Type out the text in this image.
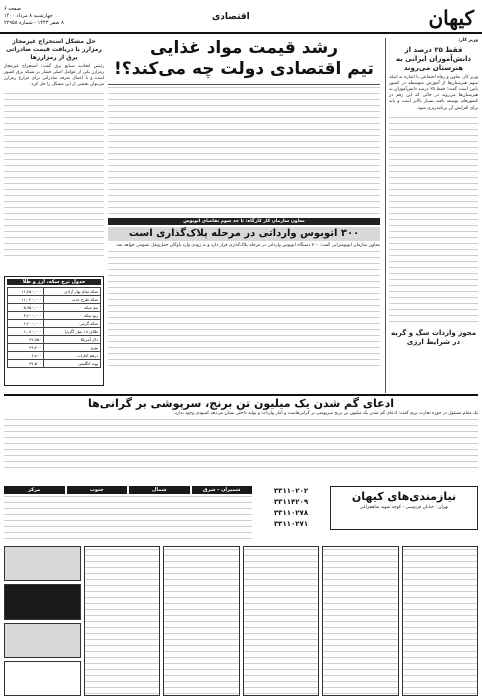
کیهان
اقتصادی
صفحه ۶
چهارشنبه ۸ مرداد ۱۴۰۰
۸ صفر ۱۴۴۳ - شماره ۲۲۹۵۸
رشد قیمت مواد غذایی
تیم اقتصادی دولت چه می‌کند؟!
وزیر کار:
فقط ۲۵ درصد از دانش‌آموزان ایرانی به هنرستان می‌روند
وزیر کار، تعاون و رفاه اجتماعی با اشاره به اینکه سهم هنرستان‌ها از آموزش متوسطه در کشور پایین است گفت: فقط ۲۵ درصد دانش‌آموزان به هنرستان‌ها می‌روند در حالی که این رقم در کشورهای توسعه یافته بسیار بالاتر است و باید برای افزایش آن برنامه‌ریزی شود.
مجوز واردات سگ و گربه در شرایط ارزی
حل مشکل استخراج غیرمجاز رمزارز با دریافت قیمت صادراتی برق از رمزارزها
رئیس اتحادیه صنایع برق گفت: استخراج غیرمجاز رمزارز یکی از عوامل اصلی فشار بر شبکه برق کشور است و با اعمال تعرفه صادراتی برای مزارع رمزارز می‌توان بخشی از این مشکل را حل کرد.
جدول نرخ سکه، ارز و طلا
سکه تمام بهار آزادی	۱۱,۲۵۰,۰۰۰
سکه طرح جدید	۱۱,۰۲۰,۰۰۰
نیم سکه	۵,۹۵۰,۰۰۰
ربع سکه	۳,۶۰۰,۰۰۰
سکه گرمی	۲,۲۰۰,۰۰۰
طلای ۱۸ عیار (گرم)	۱,۰۸۰,۰۰۰
دلار آمریکا	۲۴,۸۵۰
یورو	۲۹,۴۰۰
درهم امارات	۶,۸۰۰
پوند انگلیس	۳۴,۵۰۰
معاون سازمان کار کارگاه: تا حد سوم تقاضای اتوبوس
۳۰۰ اتوبوس وارداتی در مرحله پلاک‌گذاری است
معاون سازمان اتوبوسرانی گفت: ۳۰۰ دستگاه اتوبوس وارداتی در مرحله پلاک‌گذاری قرار دارد و به زودی وارد ناوگان حمل‌ونقل عمومی خواهد شد.
ادعای گم شدن یک میلیون تن برنج، سرپوشی بر گرانی‌ها
یک مقام مسئول در حوزه تجارت برنج گفت: ادعای گم شدن یک میلیون تن برنج سرپوشی بر گرانی‌هاست و آمار واردات و تولید داخلی نشان می‌دهد کمبودی وجود ندارد.
نیازمندی‌های کیهان
تهران - خیابان فردوسی - کوچه شهید شاهچراغی
۳۳۱۱۰۲۰۲
۳۳۱۱۴۲۰۹
۳۳۱۱۰۲۷۸
۳۳۱۱۰۲۷۱
شمیران - شرق
شمال
جنوب
مرکز
